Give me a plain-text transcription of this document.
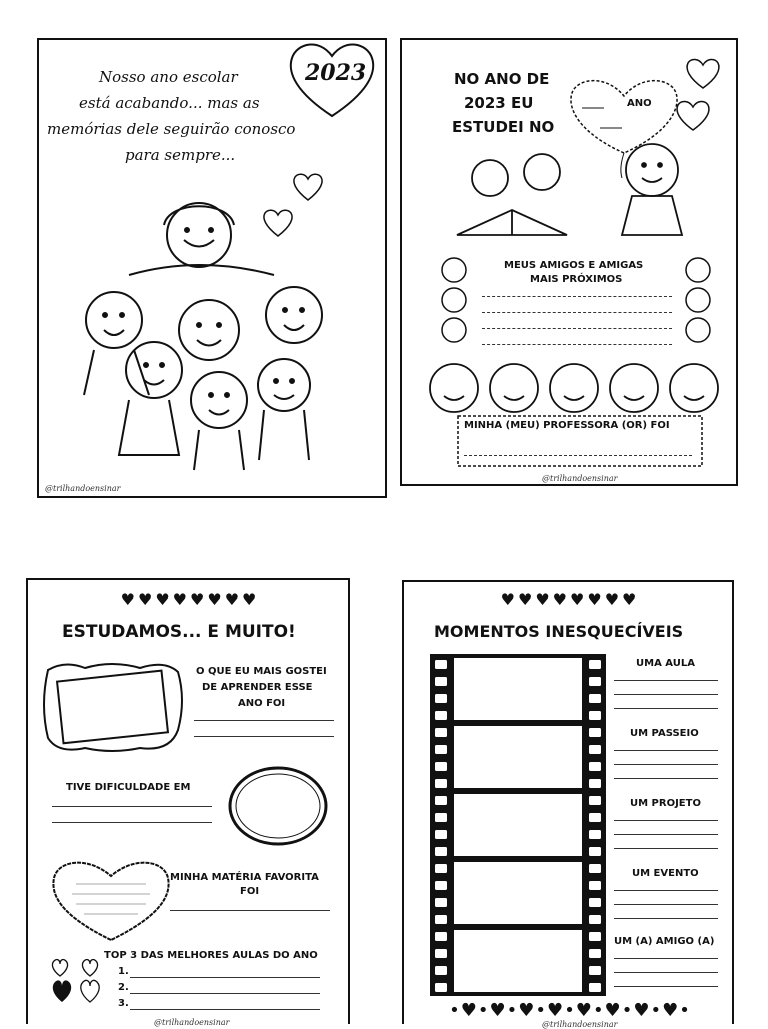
2023
Nosso ano escolar
está acabando... mas as
memórias dele seguirão conosco
para sempre...
@trilhandoensinar
NO ANO DE
2023 EU
ESTUDEI NO
____ ANO
____
MEUS AMIGOS E AMIGAS
MAIS PRÓXIMOS
MINHA (MEU) PROFESSORA (OR) FOI
@trilhandoensinar
♥♥♥♥♥♥♥♥
ESTUDAMOS... E MUITO!
O QUE EU MAIS GOSTEI
DE APRENDER ESSE
ANO FOI
TIVE DIFICULDADE EM
MINHA MATÉRIA FAVORITA
FOI
TOP 3 DAS MELHORES AULAS DO ANO
1.
2.
3.
@trilhandoensinar
♥♥♥♥♥♥♥♥
MOMENTOS INESQUECÍVEIS
UMA AULA
UM PASSEIO
UM PROJETO
UM EVENTO
UM (A) AMIGO (A)
•♥•♥•♥•♥•♥•♥•♥•♥•
@trilhandoensinar
